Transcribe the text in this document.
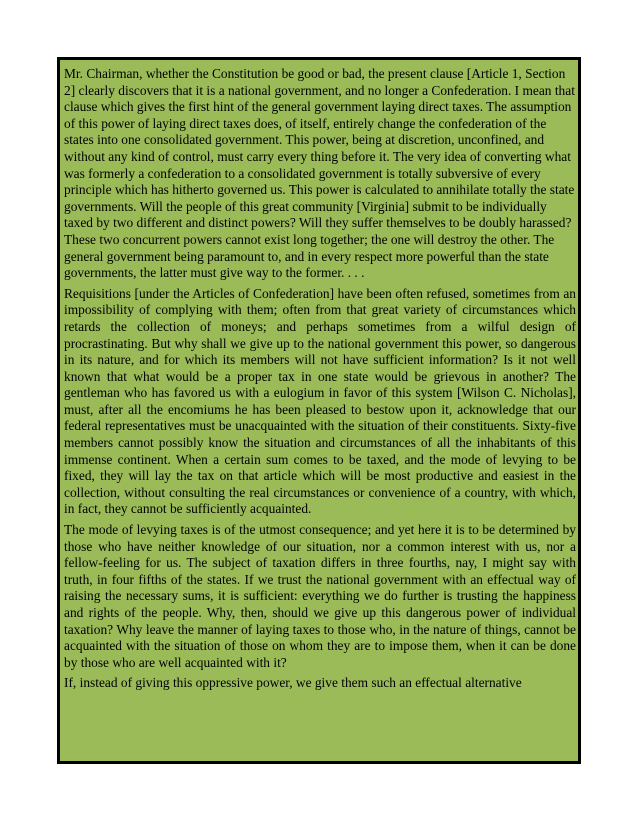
Mr. Chairman, whether the Constitution be good or bad, the present clause [Article 1, Section 2] clearly discovers that it is a national government, and no longer a Confederation. I mean that clause which gives the first hint of the general government laying direct taxes. The assumption of this power of laying direct taxes does, of itself, entirely change the confederation of the states into one consolidated government. This power, being at discretion, unconfined, and without any kind of control, must carry every thing before it. The very idea of converting what was formerly a confederation to a consolidated government is totally subversive of every principle which has hitherto governed us. This power is calculated to annihilate totally the state governments. Will the people of this great community [Virginia] submit to be individually taxed by two different and distinct powers? Will they suffer themselves to be doubly harassed? These two concurrent powers cannot exist long together; the one will destroy the other. The general government being paramount to, and in every respect more powerful than the state governments, the latter must give way to the former. . . .

Requisitions [under the Articles of Confederation] have been often refused, sometimes from an impossibility of complying with them; often from that great variety of circumstances which retards the collection of moneys; and perhaps sometimes from a wilful design of procrastinating. But why shall we give up to the national government this power, so dangerous in its nature, and for which its members will not have sufficient information? Is it not well known that what would be a proper tax in one state would be grievous in another? The gentleman who has favored us with a eulogium in favor of this system [Wilson C. Nicholas], must, after all the encomiums he has been pleased to bestow upon it, acknowledge that our federal representatives must be unacquainted with the situation of their constituents. Sixty-five members cannot possibly know the situation and circumstances of all the inhabitants of this immense continent. When a certain sum comes to be taxed, and the mode of levying to be fixed, they will lay the tax on that article which will be most productive and easiest in the collection, without consulting the real circumstances or convenience of a country, with which, in fact, they cannot be sufficiently acquainted.

The mode of levying taxes is of the utmost consequence; and yet here it is to be determined by those who have neither knowledge of our situation, nor a common interest with us, nor a fellow-feeling for us. The subject of taxation differs in three fourths, nay, I might say with truth, in four fifths of the states. If we trust the national government with an effectual way of raising the necessary sums, it is sufficient: everything we do further is trusting the happiness and rights of the people. Why, then, should we give up this dangerous power of individual taxation? Why leave the manner of laying taxes to those who, in the nature of things, cannot be acquainted with the situation of those on whom they are to impose them, when it can be done by those who are well acquainted with it?

If, instead of giving this oppressive power, we give them such an effectual alternative
